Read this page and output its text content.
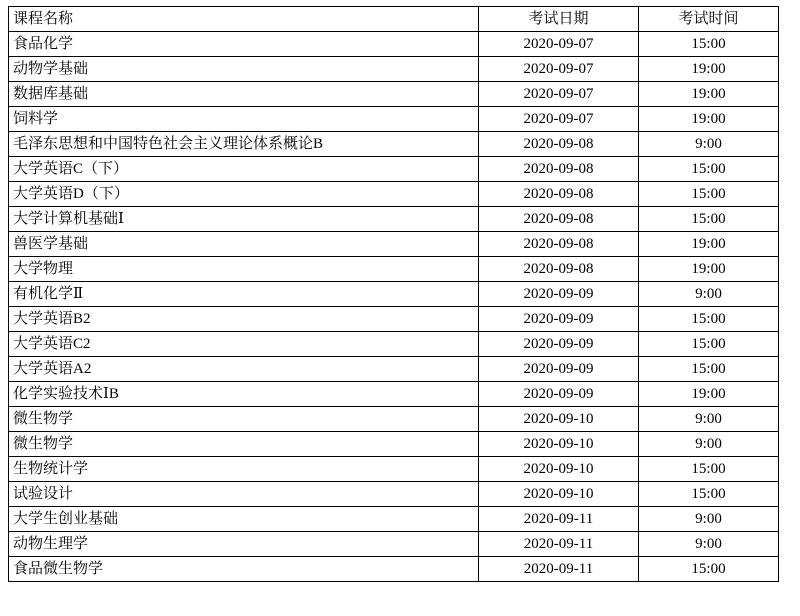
课程名称	考试日期	考试时间
食品化学	2020-09-07	15:00
动物学基础	2020-09-07	19:00
数据库基础	2020-09-07	19:00
饲料学	2020-09-07	19:00
毛泽东思想和中国特色社会主义理论体系概论B	2020-09-08	9:00
大学英语C（下）	2020-09-08	15:00
大学英语D（下）	2020-09-08	15:00
大学计算机基础Ⅰ	2020-09-08	15:00
兽医学基础	2020-09-08	19:00
大学物理	2020-09-08	19:00
有机化学Ⅱ	2020-09-09	9:00
大学英语B2	2020-09-09	15:00
大学英语C2	2020-09-09	15:00
大学英语A2	2020-09-09	15:00
化学实验技术ⅠB	2020-09-09	19:00
微生物学	2020-09-10	9:00
微生物学	2020-09-10	9:00
生物统计学	2020-09-10	15:00
试验设计	2020-09-10	15:00
大学生创业基础	2020-09-11	9:00
动物生理学	2020-09-11	9:00
食品微生物学	2020-09-11	15:00
